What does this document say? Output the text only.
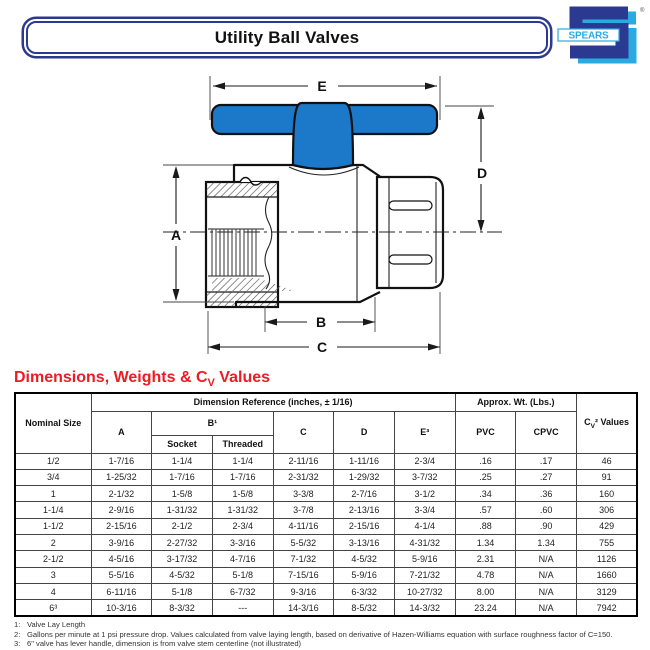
Utility Ball Valves	SPEARS
®
E
D
A
B
C
Dimensions, Weights & $C_V$ Values
Nominal Size	Dimension Reference (inches, ± 1/16)						Approx. Wt. (Lbs.)		$C_V^2$ Values
	A	B¹		C	D	E³	PVC	CPVC	
		Socket	Threaded						
1/2	1-7/16	1-1/4	1-1/4	2-11/16	1-11/16	2-3/4	.16	.17	46
3/4	1-25/32	1-7/16	1-7/16	2-31/32	1-29/32	3-7/32	.25	.27	91
1	2-1/32	1-5/8	1-5/8	3-3/8	2-7/16	3-1/2	.34	.36	160
1-1/4	2-9/16	1-31/32	1-31/32	3-7/8	2-13/16	3-3/4	.57	.60	306
1-1/2	2-15/16	2-1/2	2-3/4	4-11/16	2-15/16	4-1/4	.88	.90	429
2	3-9/16	2-27/32	3-3/16	5-5/32	3-13/16	4-31/32	1.34	1.34	755
2-1/2	4-5/16	3-17/32	4-7/16	7-1/32	4-5/32	5-9/16	2.31	N/A	1126
3	5-5/16	4-5/32	5-1/8	7-15/16	5-9/16	7-21/32	4.78	N/A	1660
4	6-11/16	5-1/8	6-7/32	9-3/16	6-3/32	10-27/32	8.00	N/A	3129
6³	10-3/16	8-3/32	---	14-3/16	8-5/32	14-3/32	23.24	N/A	7942
1: Valve Lay Length
2: Gallons per minute at 1 psi pressure drop. Values calculated from valve laying length, based on derivative of Hazen-Williams equation with surface roughness factor of C=150.
3: 6" valve has lever handle, dimension is from valve stem centerline (not illustrated)
